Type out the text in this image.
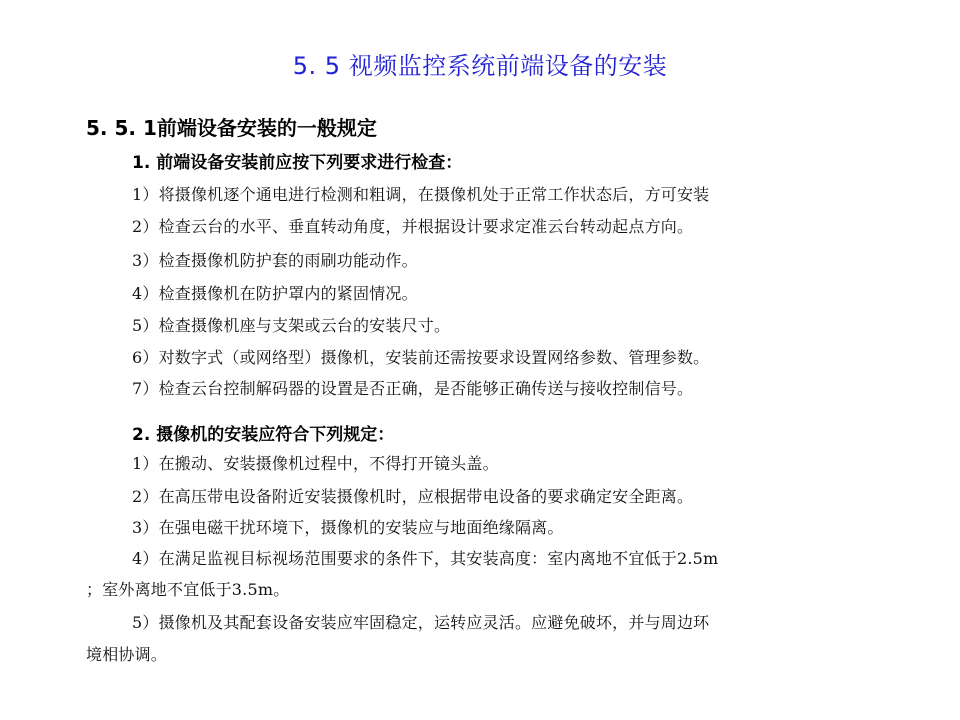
5. 5 视频监控系统前端设备的安装
5. 5. 1前端设备安装的一般规定
1. 前端设备安装前应按下列要求进行检查：
1）将摄像机逐个通电进行检测和粗调，在摄像机处于正常工作状态后，方可安装
2）检查云台的水平、垂直转动角度，并根据设计要求定准云台转动起点方向。
3）检查摄像机防护套的雨刷功能动作。
4）检查摄像机在防护罩内的紧固情况。
5）检查摄像机座与支架或云台的安装尺寸。
6）对数字式（或网络型）摄像机，安装前还需按要求设置网络参数、管理参数。
7）检查云台控制解码器的设置是否正确，是否能够正确传送与接收控制信号。
2. 摄像机的安装应符合下列规定：
1）在搬动、安装摄像机过程中，不得打开镜头盖。
2）在高压带电设备附近安装摄像机时，应根据带电设备的要求确定安全距离。
3）在强电磁干扰环境下，摄像机的安装应与地面绝缘隔离。
4）在满足监视目标视场范围要求的条件下，其安装高度：室内离地不宜低于2.5m
；室外离地不宜低于3.5m。
5）摄像机及其配套设备安装应牢固稳定，运转应灵活。应避免破坏，并与周边环
境相协调。
